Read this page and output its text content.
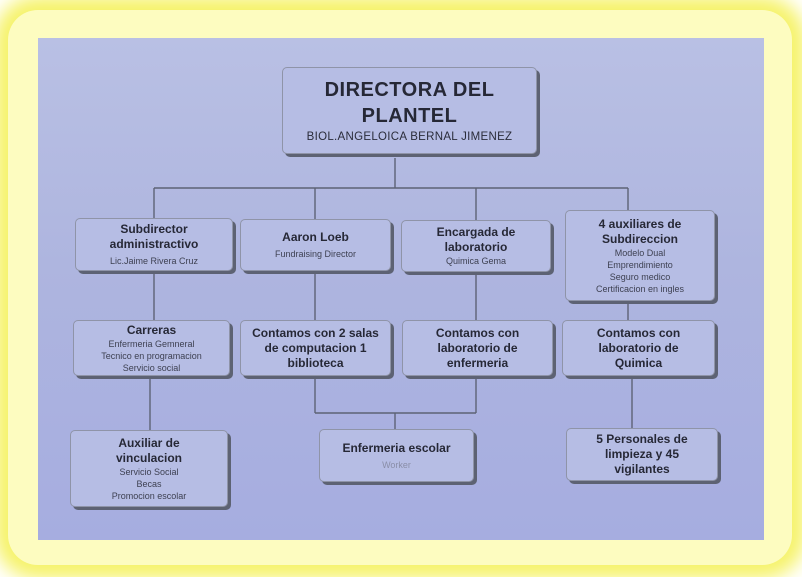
DIRECTORA DEL
PLANTEL
BIOL.ANGELOICA BERNAL JIMENEZ
Subdirector
administractivo
Lic.Jaime Rivera Cruz
Aaron Loeb
Fundraising Director
Encargada de
laboratorio
Quimica Gema
4 auxiliares de
Subdireccion
Modelo Dual
Emprendimiento
Seguro medico
Certificacion en ingles
Carreras
Enfermeria Gemneral
Tecnico en programacion
Servicio social
Contamos con 2 salas
de computacion 1
biblioteca
Contamos con
laboratorio de
enfermeria
Contamos con
laboratorio de
Quimica
Auxiliar de
vinculacion
Servicio Social
Becas
Promocion escolar
Enfermeria escolar
Worker
5 Personales de
limpieza y 45
vigilantes
